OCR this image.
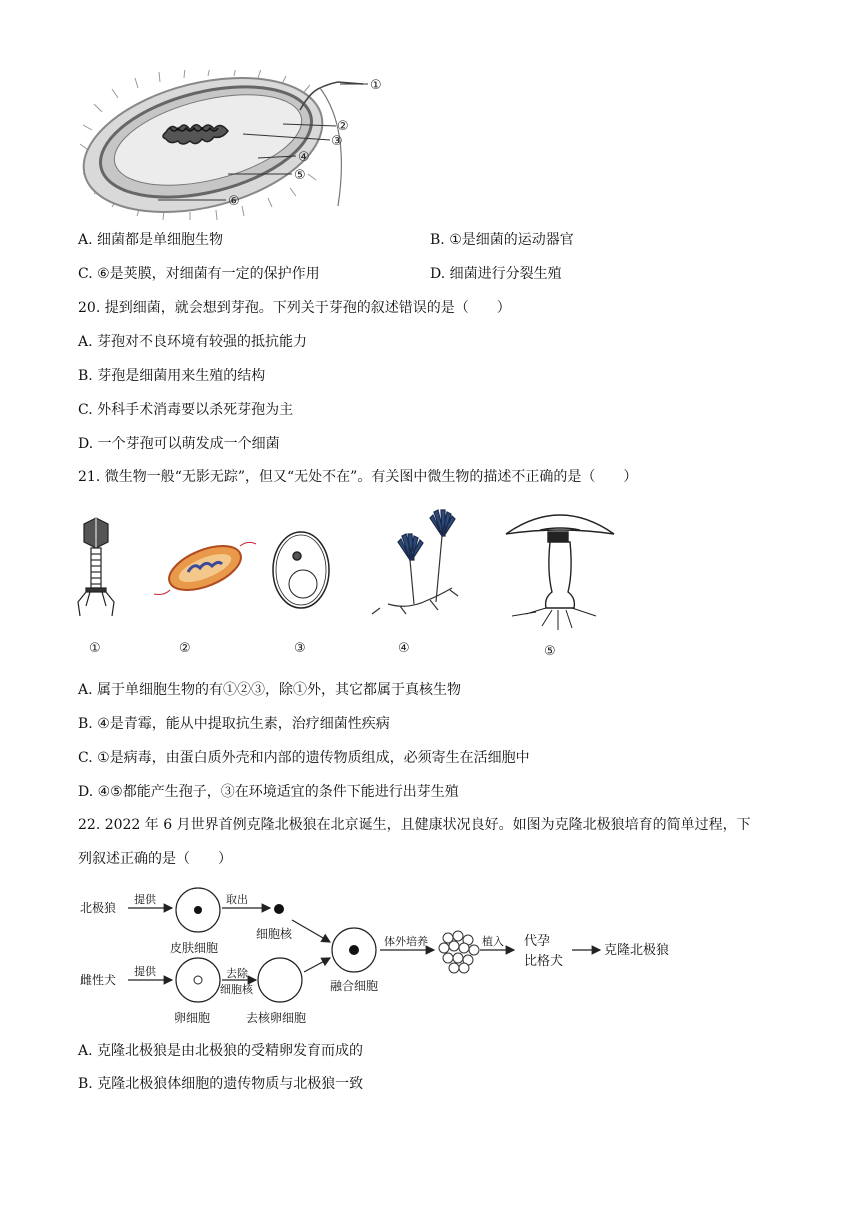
①
②
③
④
⑤
⑥
A. 细菌都是单细胞生物	B. ①是细菌的运动器官
C. ⑥是荚膜，对细菌有一定的保护作用	D. 细菌进行分裂生殖
20. 提到细菌，就会想到芽孢。下列关于芽孢的叙述错误的是（　　）
A. 芽孢对不良环境有较强的抵抗能力
B. 芽孢是细菌用来生殖的结构
C. 外科手术消毒要以杀死芽孢为主
D. 一个芽孢可以萌发成一个细菌
21. 微生物一般“无影无踪”，但又“无处不在”。有关图中微生物的描述不正确的是（　　）
①	②	③	④	⑤
A. 属于单细胞生物的有①②③，除①外，其它都属于真核生物
B. ④是青霉，能从中提取抗生素，治疗细菌性疾病
C. ①是病毒，由蛋白质外壳和内部的遗传物质组成，必须寄生在活细胞中
D. ④⑤都能产生孢子，③在环境适宜的条件下能进行出芽生殖
22. 2022 年 6 月世界首例克隆北极狼在北京诞生，且健康状况良好。如图为克隆北极狼培育的简单过程，下
列叙述正确的是（　　）
北极狼
提供
皮肤细胞
取出
细胞核
雌性犬
提供
卵细胞
去除
细胞核
去核卵细胞
融合细胞
体外培养	植入 代孕
比格犬
克隆北极狼
A. 克隆北极狼是由北极狼的受精卵发育而成的
B. 克隆北极狼体细胞的遗传物质与北极狼一致
